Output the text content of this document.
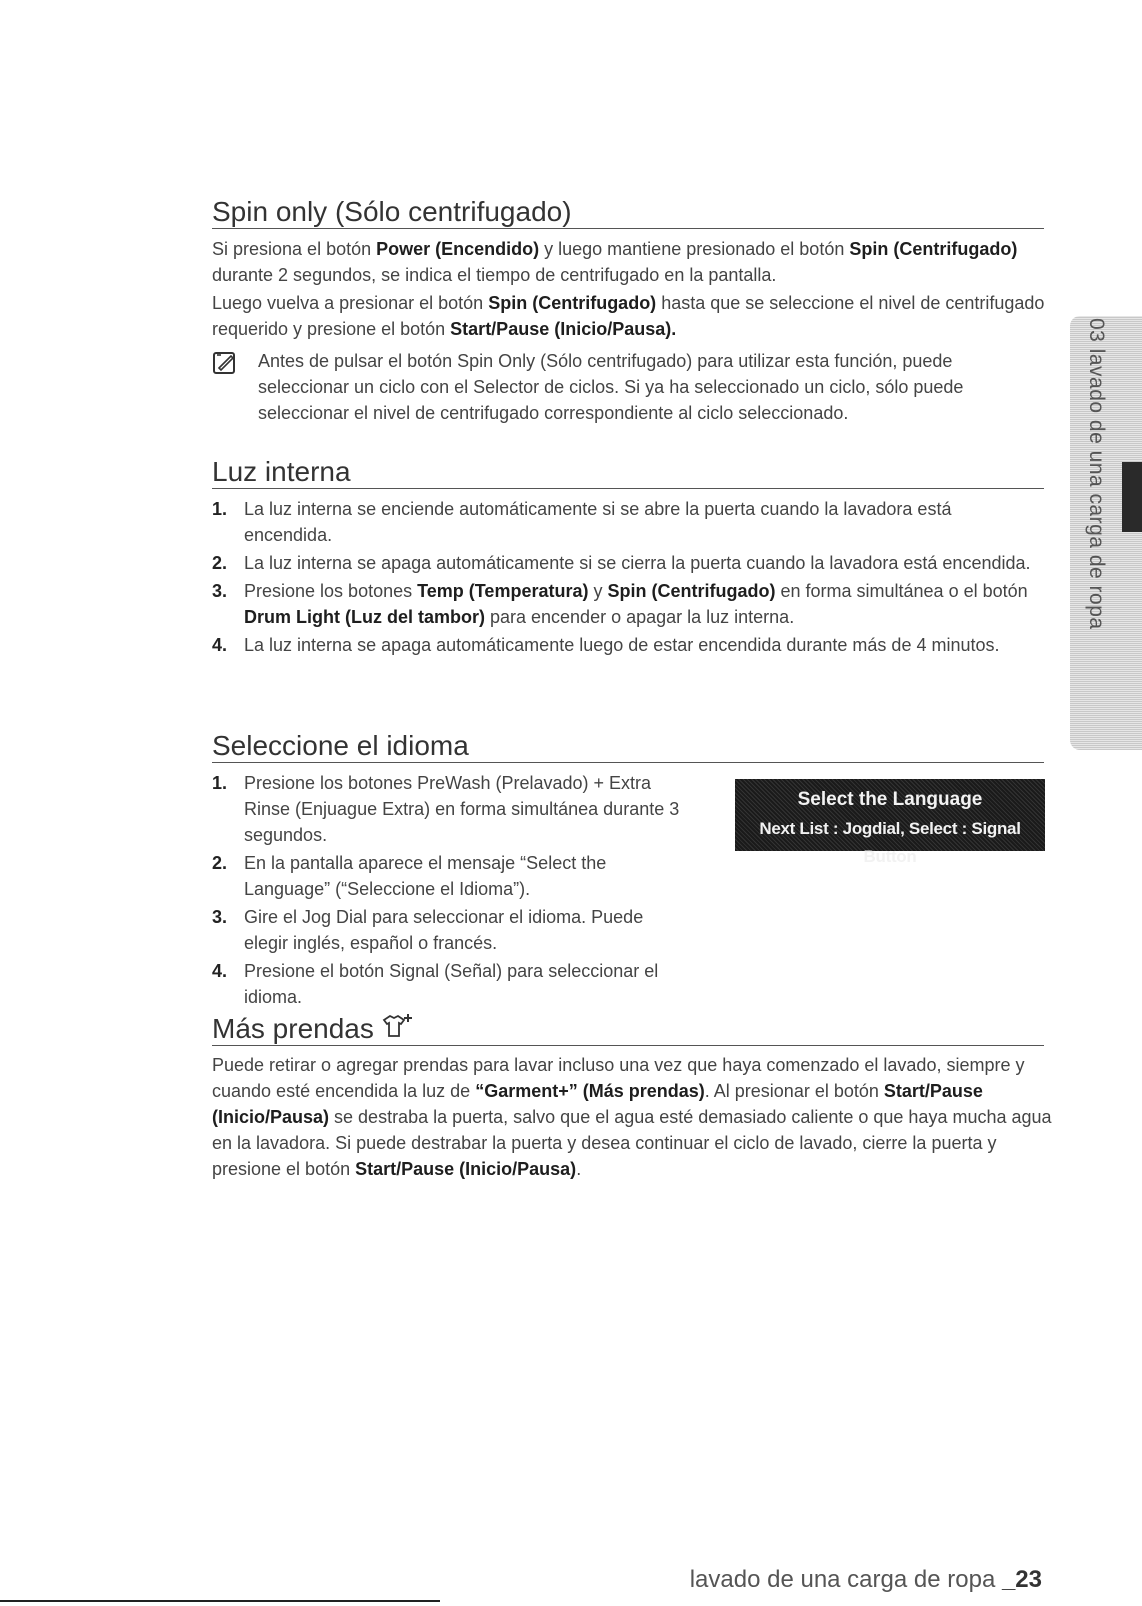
03 lavado de una carga de ropa
Spin only (Sólo centrifugado)

Si presiona el botón Power (Encendido) y luego mantiene presionado el botón Spin (Centrifugado) durante 2 segundos, se indica el tiempo de centrifugado en la pantalla.

Luego vuelva a presionar el botón Spin (Centrifugado) hasta que se seleccione el nivel de centrifugado requerido y presione el botón Start/Pause (Inicio/Pausa).

Antes de pulsar el botón Spin Only (Sólo centrifugado) para utilizar esta función, puede seleccionar un ciclo con el Selector de ciclos. Si ya ha seleccionado un ciclo, sólo puede seleccionar el nivel de centrifugado correspondiente al ciclo seleccionado.
Luz interna
1. La luz interna se enciende automáticamente si se abre la puerta cuando la lavadora está encendida.
2. La luz interna se apaga automáticamente si se cierra la puerta cuando la lavadora está encendida.
3. Presione los botones Temp (Temperatura) y Spin (Centrifugado) en forma simultánea o el botón Drum Light (Luz del tambor) para encender o apagar la luz interna.
4. La luz interna se apaga automáticamente luego de estar encendida durante más de 4 minutos.
Seleccione el idioma
1. Presione los botones PreWash (Prelavado) + Extra Rinse (Enjuague Extra) en forma simultánea durante 3 segundos.
2. En la pantalla aparece el mensaje “Select the Language” (“Seleccione el Idioma”).
3. Gire el Jog Dial para seleccionar el idioma. Puede elegir inglés, español o francés.
4. Presione el botón Signal (Señal) para seleccionar el idioma.
Select the Language
Next List : Jogdial, Select : Signal Button
Más prendas

Puede retirar o agregar prendas para lavar incluso una vez que haya comenzado el lavado, siempre y cuando esté encendida la luz de “Garment+” (Más prendas). Al presionar el botón Start/Pause (Inicio/Pausa) se destraba la puerta, salvo que el agua esté demasiado caliente o que haya mucha agua en la lavadora. Si puede destrabar la puerta y desea continuar el ciclo de lavado, cierre la puerta y presione el botón Start/Pause (Inicio/Pausa).

lavado de una carga de ropa _23
